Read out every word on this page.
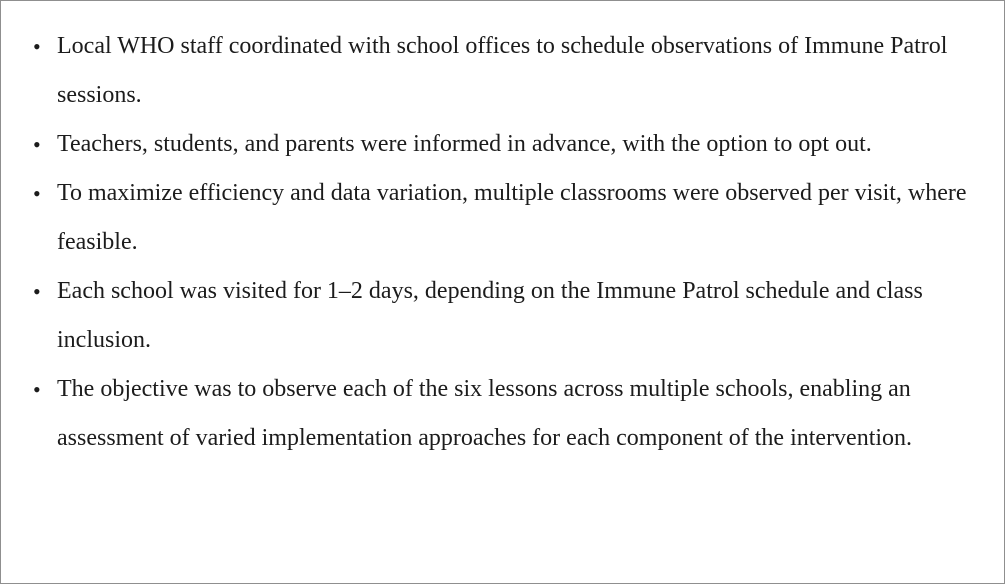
• Local WHO staff coordinated with school offices to schedule observations of Immune Patrol sessions.
• Teachers, students, and parents were informed in advance, with the option to opt out.
• To maximize efficiency and data variation, multiple classrooms were observed per visit, where feasible.
• Each school was visited for 1–2 days, depending on the Immune Patrol schedule and class inclusion.
• The objective was to observe each of the six lessons across multiple schools, enabling an assessment of varied implementation approaches for each component of the intervention.
